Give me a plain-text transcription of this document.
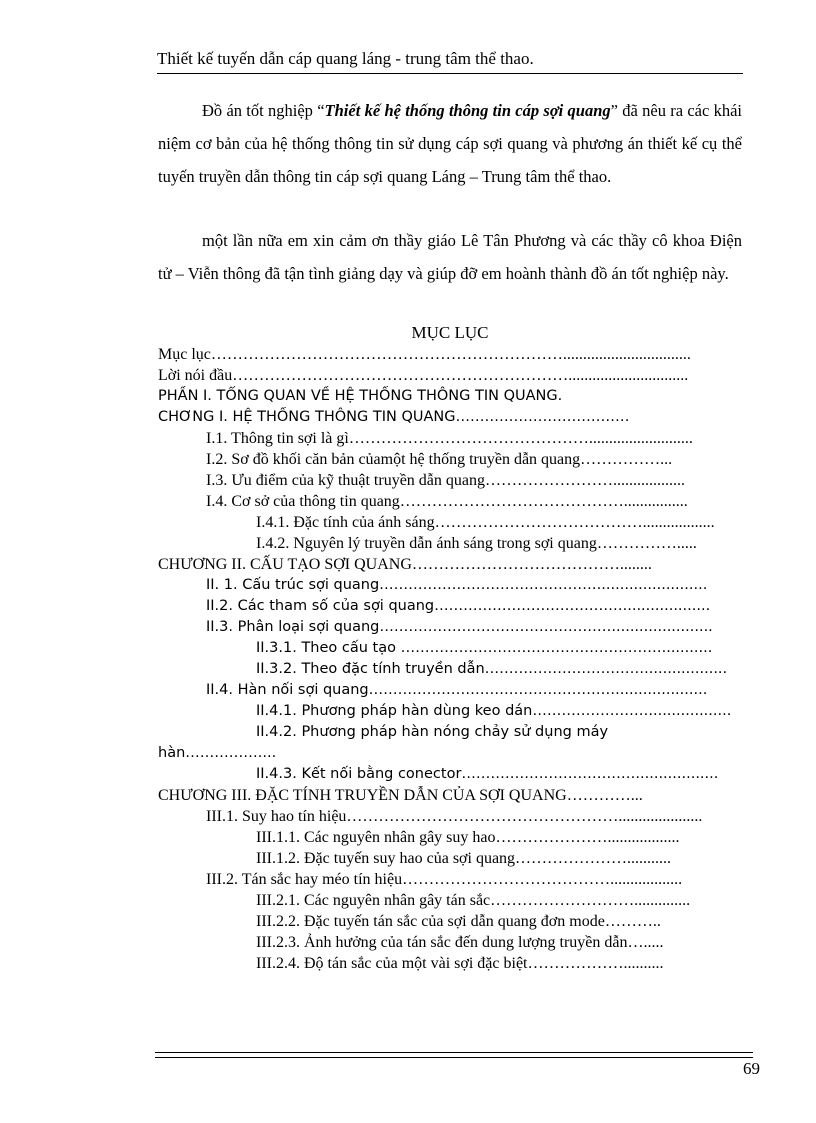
Thiết kế tuyến dẫn cáp quang láng - trung tâm thể thao.
Đồ án tốt nghiệp “Thiết kế hệ thống thông tin cáp sợi quang” đã nêu ra các khái niệm cơ bản của hệ thống thông tin sử dụng cáp sợi quang và phương án thiết kế cụ thể tuyến truyền dẫn thông tin cáp sợi quang Láng – Trung tâm thể thao.
một lần nữa em xin cảm ơn thầy giáo Lê Tân Phương và các thầy cô khoa Điện tử – Viễn thông đã tận tình giảng dạy và giúp đỡ em hoành thành đồ án tốt nghiệp này.
MỤC LỤC
Mục lục…………………………………………………………................................
Lời nói đầu………………………………………………………..............................
PHẦN I. TỔNG QUAN VỀ HỆ THỐNG THÔNG TIN QUANG.
CHƠNG I. HỆ THỐNG THÔNG TIN QUANG………………………………
I.1. Thông tin sợi là gì………………………………………..........................
I.2. Sơ đồ khối căn bản củamột hệ thống truyền dẫn quang……………...
I.3. Ưu điểm của kỹ thuật truyền dẫn quang……………………..................
I.4. Cơ sở của thông tin quang……………………………………................
I.4.1. Đặc tính của ánh sáng…………………………………..................
I.4.2. Nguyên lý truyền dẫn ánh sáng trong sợi quang…………….....
CHƯƠNG II. CẤU TẠO SỢI QUANG…………………………………........
II. 1. Cấu trúc sợi quang………………………………………........................
II.2. Các tham số của sợi quang…………………………………...................
II.3. Phân loại sợi quang…………………………………………......................
II.3.1. Theo cấu tạo ………………………………………………...........
II.3.2. Theo đặc tính truyền dẫn……………………………..................
II.4. Hàn nối sợi quang……………………………………………....................
II.4.1. Phương pháp hàn dùng keo dán……………………..................
II.4.2. Phương pháp hàn nóng chảy sử dụng máy
hàn……………....
II.4.3. Kết nối bằng conector………………………………..................
CHƯƠNG III. ĐẶC TÍNH TRUYỀN DẪN CỦA SỢI QUANG…………...
III.1. Suy hao tín hiệu…………………………………………….....................
III.1.1. Các nguyên nhân gây suy hao…………………..................
III.1.2. Đặc tuyến suy hao của sợi quang…………………...........
III.2. Tán sắc hay méo tín hiệu…………………………………..................
III.2.1. Các nguyên nhân gây tán sắc………………………..............
III.2.2. Đặc tuyến tán sắc của sợi dẫn quang đơn mode………..
III.2.3. Ảnh hưởng của tán sắc đến dung lượng truyền dẫn….....
III.2.4. Độ tán sắc của một vài sợi đặc biệt………………..........
69
